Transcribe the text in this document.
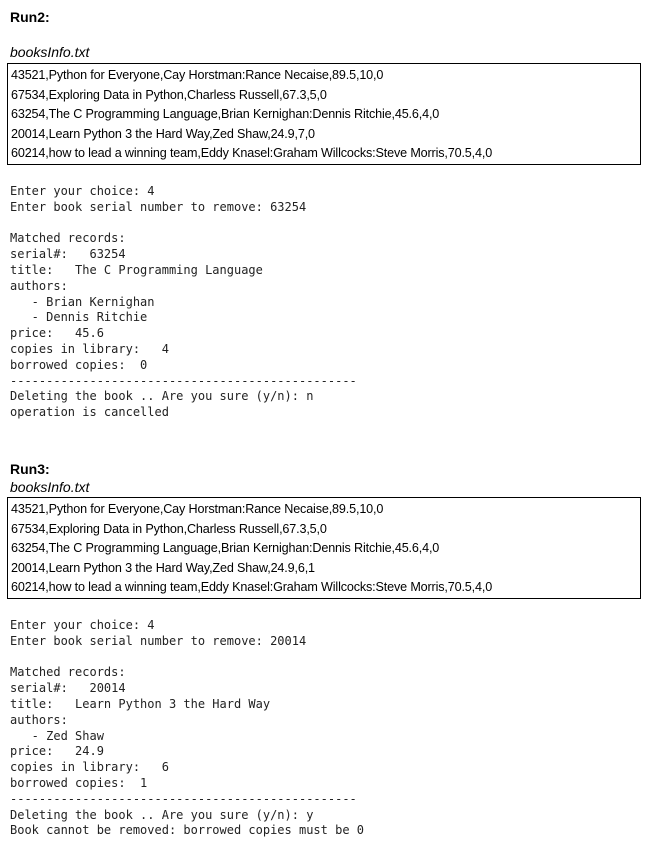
Run2:
booksInfo.txt
43521,Python for Everyone,Cay Horstman:Rance Necaise,89.5,10,0
67534,Exploring Data in Python,Charless Russell,67.3,5,0
63254,The C Programming Language,Brian Kernighan:Dennis Ritchie,45.6,4,0
20014,Learn Python 3 the Hard Way,Zed Shaw,24.9,7,0
60214,how to lead a winning team,Eddy Knasel:Graham Willcocks:Steve Morris,70.5,4,0
Enter your choice: 4
Enter book serial number to remove: 63254
Matched records:
serial#:   63254
title:   The C Programming Language
authors:
- Brian Kernighan
- Dennis Ritchie
price:   45.6
copies in library:   4
borrowed copies:  0
------------------------------------------------
Deleting the book .. Are you sure (y/n): n
operation is cancelled
Run3:
booksInfo.txt
43521,Python for Everyone,Cay Horstman:Rance Necaise,89.5,10,0
67534,Exploring Data in Python,Charless Russell,67.3,5,0
63254,The C Programming Language,Brian Kernighan:Dennis Ritchie,45.6,4,0
20014,Learn Python 3 the Hard Way,Zed Shaw,24.9,6,1
60214,how to lead a winning team,Eddy Knasel:Graham Willcocks:Steve Morris,70.5,4,0
Enter your choice: 4
Enter book serial number to remove: 20014
Matched records:
serial#:   20014
title:   Learn Python 3 the Hard Way
authors:
- Zed Shaw
price:   24.9
copies in library:   6
borrowed copies:  1
------------------------------------------------
Deleting the book .. Are you sure (y/n): y
Book cannot be removed: borrowed copies must be 0
